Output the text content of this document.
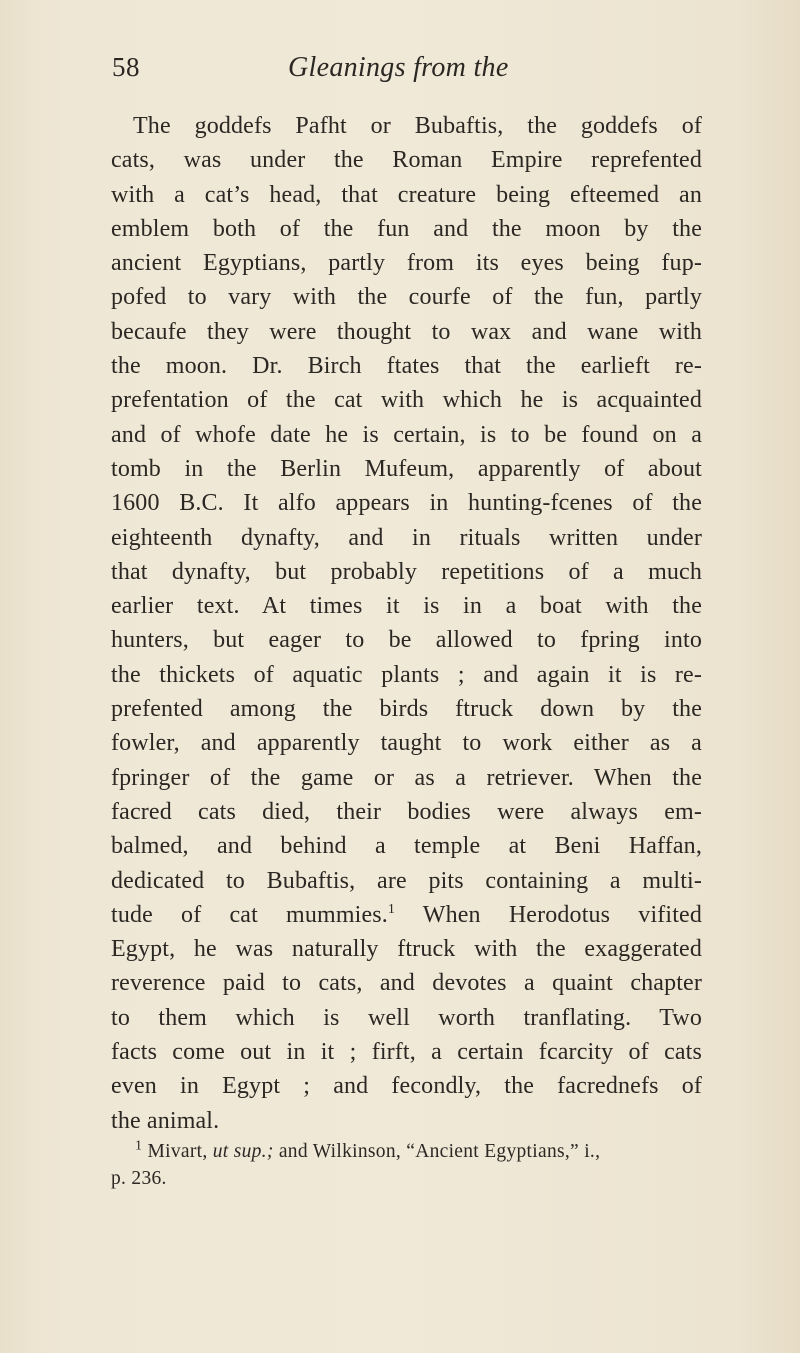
58	Gleanings from the
The goddefs Pafht or Bubaftis, the goddefs of
cats, was under the Roman Empire reprefented
with a cat’s head, that creature being efteemed an
emblem both of the fun and the moon by the
ancient Egyptians, partly from its eyes being fup-
pofed to vary with the courfe of the fun, partly
becaufe they were thought to wax and wane with
the moon. Dr. Birch ftates that the earlieft re-
prefentation of the cat with which he is acquainted
and of whofe date he is certain, is to be found on a
tomb in the Berlin Mufeum, apparently of about
1600 B.C. It alfo appears in hunting-fcenes of the
eighteenth dynafty, and in rituals written under
that dynafty, but probably repetitions of a much
earlier text. At times it is in a boat with the
hunters, but eager to be allowed to fpring into
the thickets of aquatic plants ; and again it is re-
prefented among the birds ftruck down by the
fowler, and apparently taught to work either as a
fpringer of the game or as a retriever. When the
facred cats died, their bodies were always em-
balmed, and behind a temple at Beni Haffan,
dedicated to Bubaftis, are pits containing a multi-
tude of cat mummies.$^1$ When Herodotus vifited
Egypt, he was naturally ftruck with the exaggerated
reverence paid to cats, and devotes a quaint chapter
to them which is well worth tranflating. Two
facts come out in it ; firft, a certain fcarcity of cats
even in Egypt ; and fecondly, the facrednefs of
the animal.
$^1$ Mivart, ut sup.; and Wilkinson, “Ancient Egyptians,” i.,
p. 236.
